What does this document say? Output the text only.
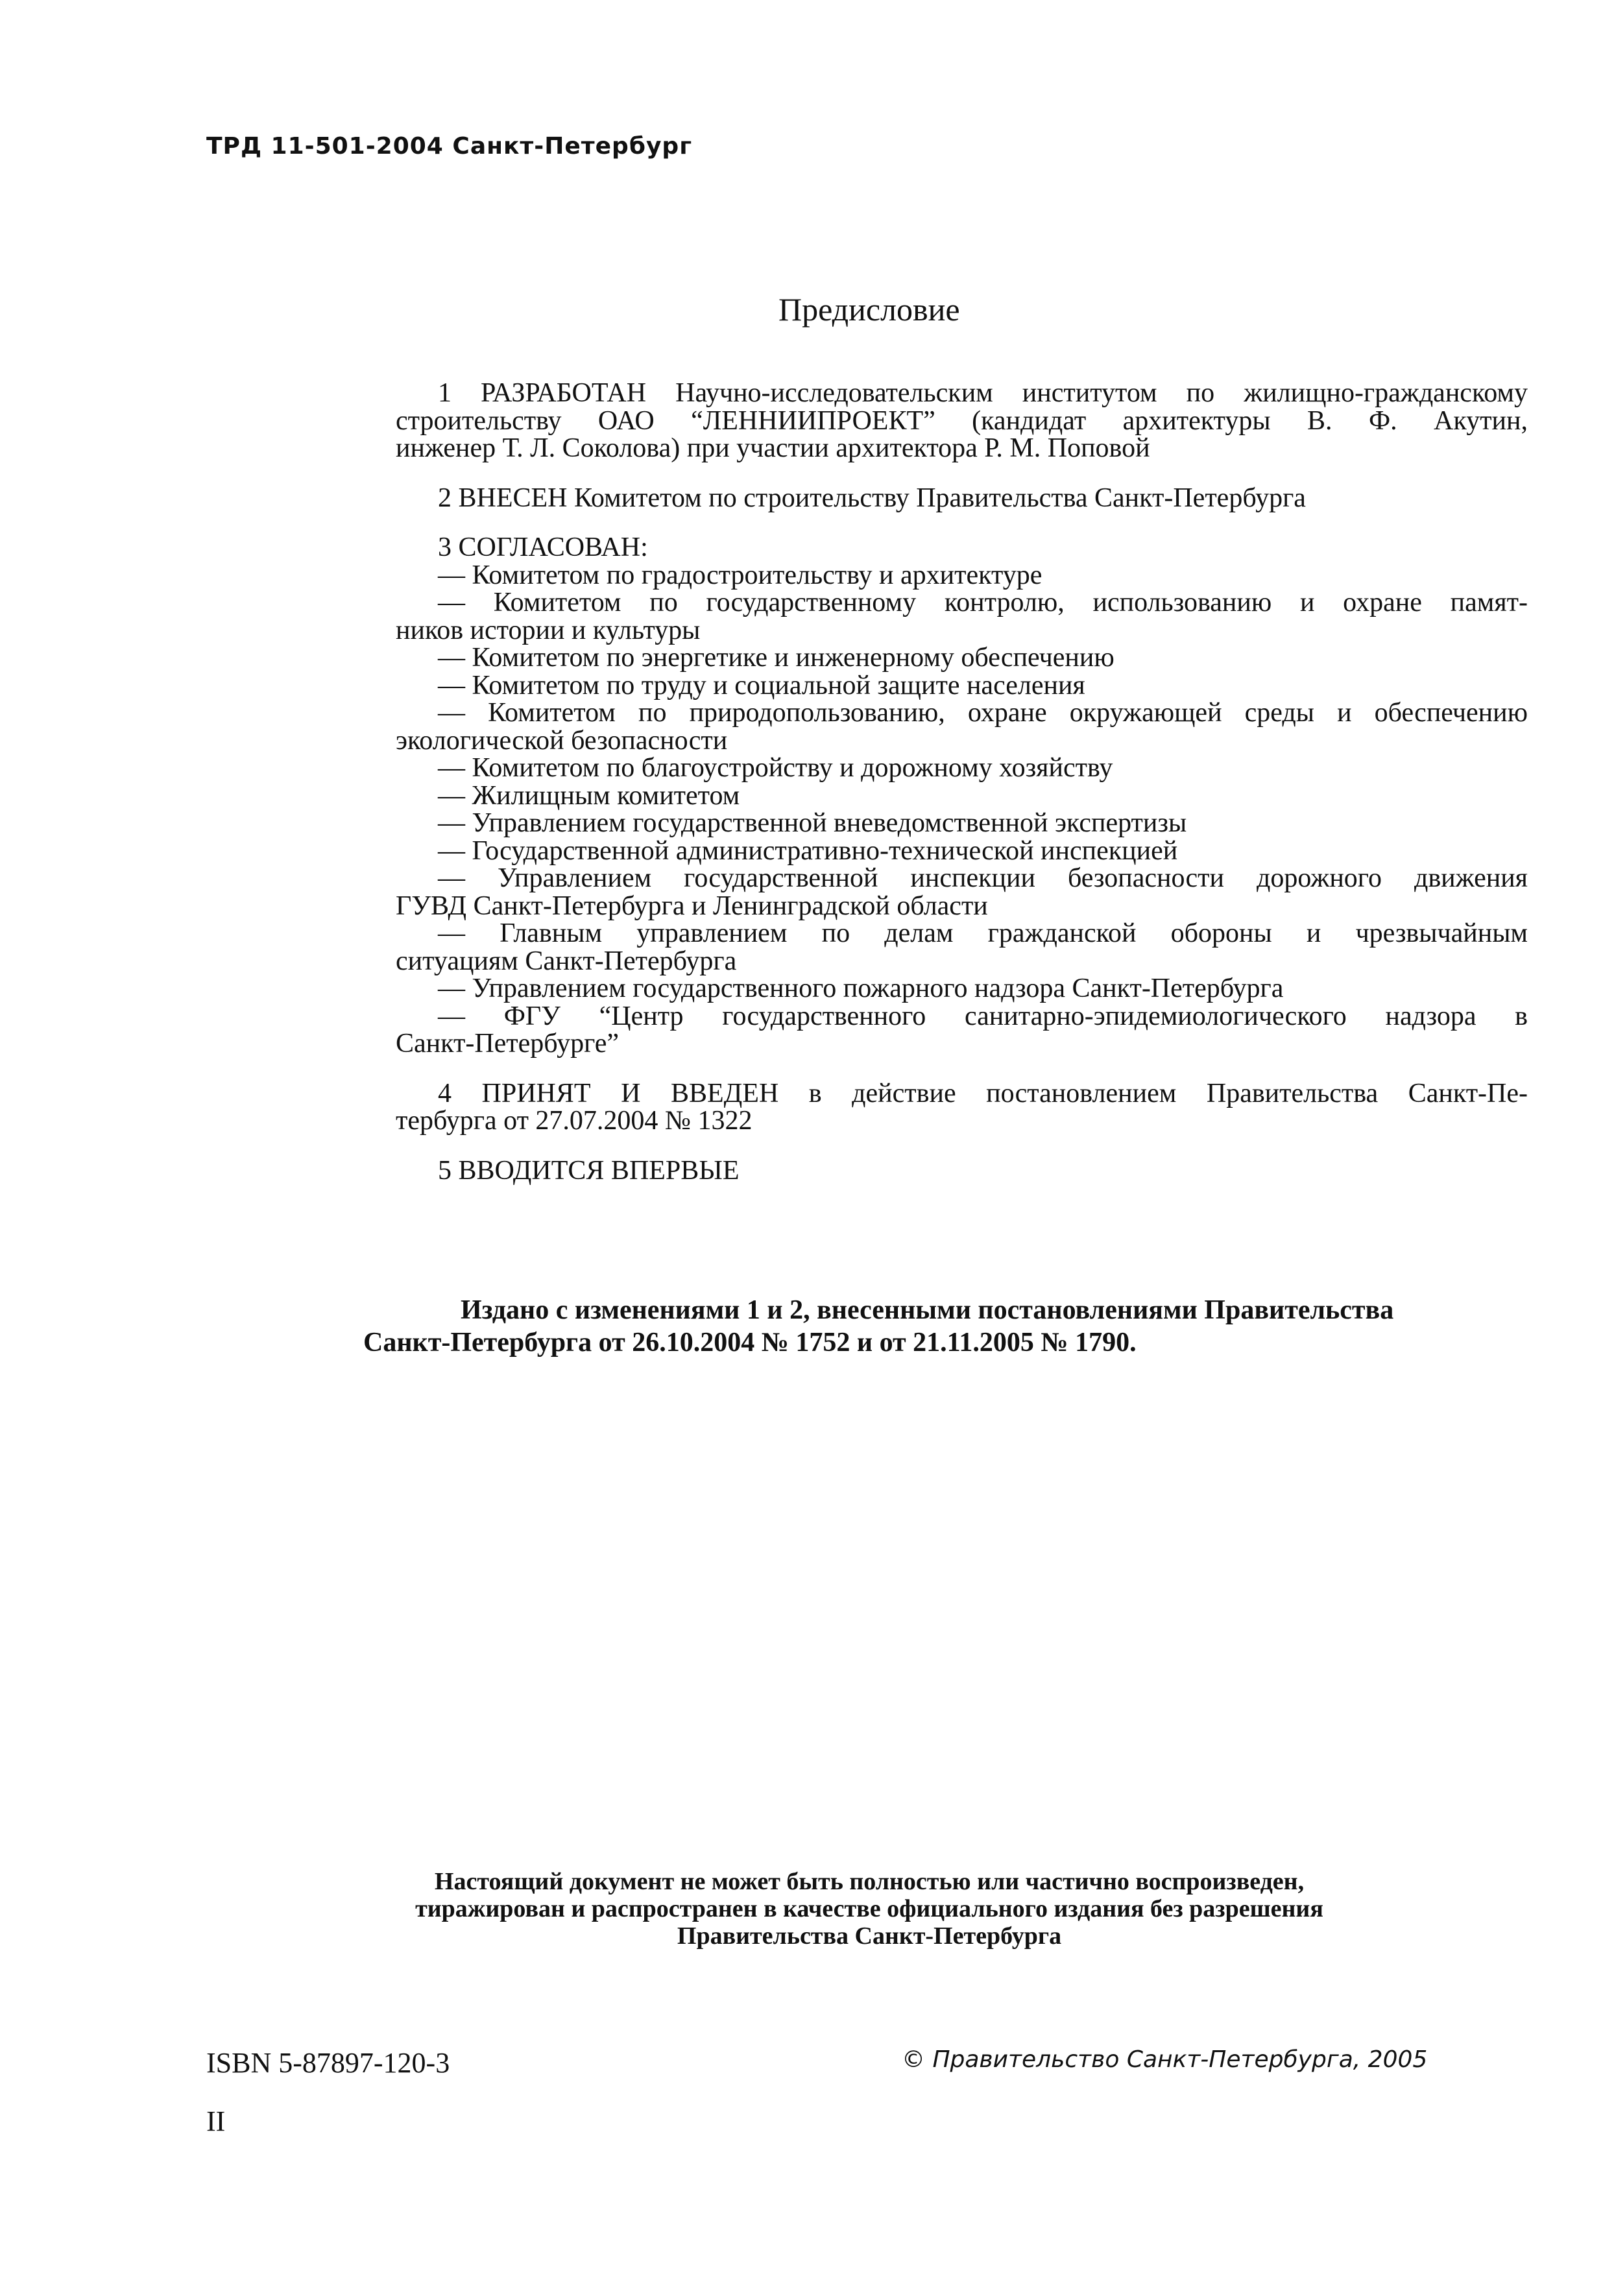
ТРД 11-501-2004 Санкт-Петербург
Предисловие
1 РАЗРАБОТАН Научно-исследовательским институтом по жилищно-гражданскому
строительству ОАО “ЛЕННИИПРОЕКТ” (кандидат архитектуры В. Ф. Акутин,
инженер Т. Л. Соколова) при участии архитектора Р. М. Поповой
2 ВНЕСЕН Комитетом по строительству Правительства Санкт-Петербурга
3 СОГЛАСОВАН:
— Комитетом по градостроительству и архитектуре
— Комитетом по государственному контролю, использованию и охране памят-
ников истории и культуры
— Комитетом по энергетике и инженерному обеспечению
— Комитетом по труду и социальной защите населения
— Комитетом по природопользованию, охране окружающей среды и обеспечению
экологической безопасности
— Комитетом по благоустройству и дорожному хозяйству
— Жилищным комитетом
— Управлением государственной вневедомственной экспертизы
— Государственной административно-технической инспекцией
— Управлением государственной инспекции безопасности дорожного движения
ГУВД Санкт-Петербурга и Ленинградской области
— Главным управлением по делам гражданской обороны и чрезвычайным
ситуациям Санкт-Петербурга
— Управлением государственного пожарного надзора Санкт-Петербурга
— ФГУ “Центр государственного санитарно-эпидемиологического надзора в
Санкт-Петербурге”
4 ПРИНЯТ И ВВЕДЕН в действие постановлением Правительства Санкт-Пе-
тербурга от 27.07.2004 № 1322
5 ВВОДИТСЯ ВПЕРВЫЕ
Издано с изменениями 1 и 2, внесенными постановлениями Правительства
Санкт-Петербурга от 26.10.2004 № 1752 и от 21.11.2005 № 1790.
Настоящий документ не может быть полностью или частично воспроизведен,
тиражирован и распространен в качестве официального издания без разрешения
Правительства Санкт-Петербурга
ISBN 5-87897-120-3	© Правительство Санкт-Петербурга, 2005
II
